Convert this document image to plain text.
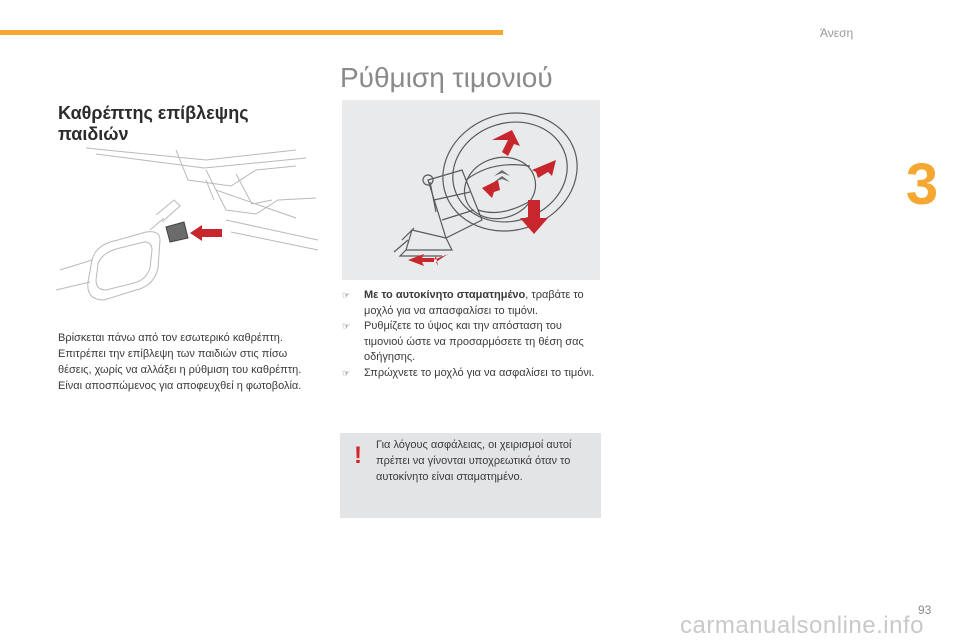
Άνεση
3
Ρύθμιση τιμονιού
Καθρέπτης επίβλεψης παιδιών

Βρίσκεται πάνω από τον εσωτερικό καθρέπτη. Επιτρέπει την επίβλεψη των παιδιών στις πίσω θέσεις, χωρίς να αλλάξει η ρύθμιση του καθρέπτη.

Είναι αποσπώμενος για αποφευχθεί η φωτοβολία.

☞ Με το αυτοκίνητο σταματημένο, τραβάτε το μοχλό για να απασφαλίσει το τιμόνι.
☞ Ρυθμίζετε το ύψος και την απόσταση του τιμονιού ώστε να προσαρμόσετε τη θέση σας οδήγησης.
☞ Σπρώχνετε το μοχλό για να ασφαλίσει το τιμόνι.
!	Για λόγους ασφάλειας, οι χειρισμοί αυτοί πρέπει να γίνονται υποχρεωτικά όταν το αυτοκίνητο είναι σταματημένο.
carmanualsonline.info
93
